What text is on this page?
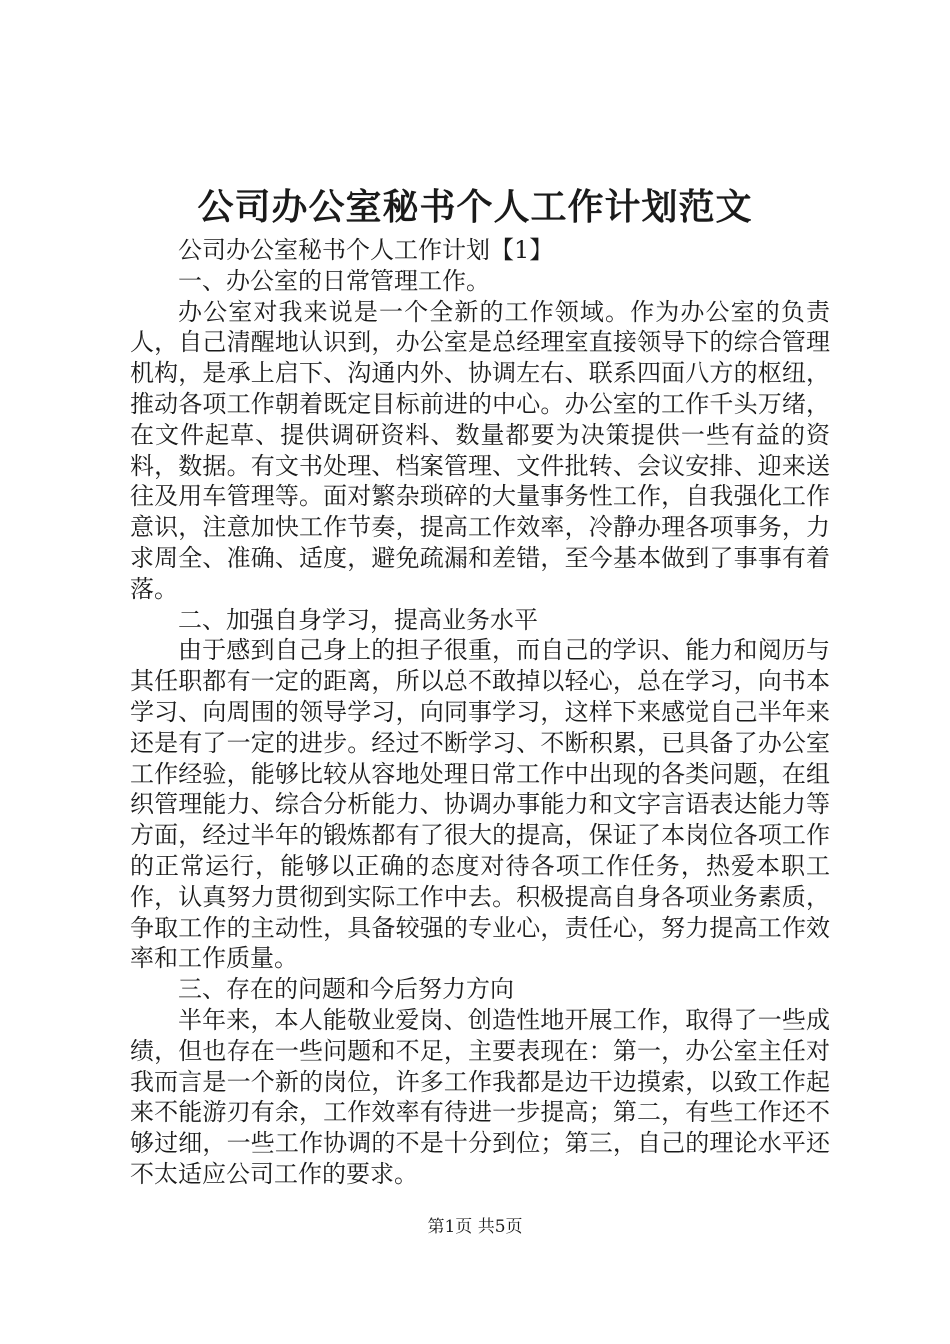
公司办公室秘书个人工作计划范文

公司办公室秘书个人工作计划【1】

一、办公室的日常管理工作。

办公室对我来说是一个全新的工作领域。作为办公室的负责人，自己清醒地认识到，办公室是总经理室直接领导下的综合管理机构，是承上启下、沟通内外、协调左右、联系四面八方的枢纽，推动各项工作朝着既定目标前进的中心。办公室的工作千头万绪，在文件起草、提供调研资料、数量都要为决策提供一些有益的资料，数据。有文书处理、档案管理、文件批转、会议安排、迎来送往及用车管理等。面对繁杂琐碎的大量事务性工作，自我强化工作意识，注意加快工作节奏，提高工作效率，冷静办理各项事务，力求周全、准确、适度，避免疏漏和差错，至今基本做到了事事有着落。

二、加强自身学习，提高业务水平

由于感到自己身上的担子很重，而自己的学识、能力和阅历与其任职都有一定的距离，所以总不敢掉以轻心，总在学习，向书本学习、向周围的领导学习，向同事学习，这样下来感觉自己半年来还是有了一定的进步。经过不断学习、不断积累，已具备了办公室工作经验，能够比较从容地处理日常工作中出现的各类问题，在组织管理能力、综合分析能力、协调办事能力和文字言语表达能力等方面，经过半年的锻炼都有了很大的提高，保证了本岗位各项工作的正常运行，能够以正确的态度对待各项工作任务，热爱本职工作，认真努力贯彻到实际工作中去。积极提高自身各项业务素质，争取工作的主动性，具备较强的专业心，责任心，努力提高工作效率和工作质量。

三、存在的问题和今后努力方向

半年来，本人能敬业爱岗、创造性地开展工作，取得了一些成绩，但也存在一些问题和不足，主要表现在：第一，办公室主任对我而言是一个新的岗位，许多工作我都是边干边摸索，以致工作起来不能游刃有余，工作效率有待进一步提高；第二，有些工作还不够过细，一些工作协调的不是十分到位；第三，自己的理论水平还不太适应公司工作的要求。

第1页 共5页
